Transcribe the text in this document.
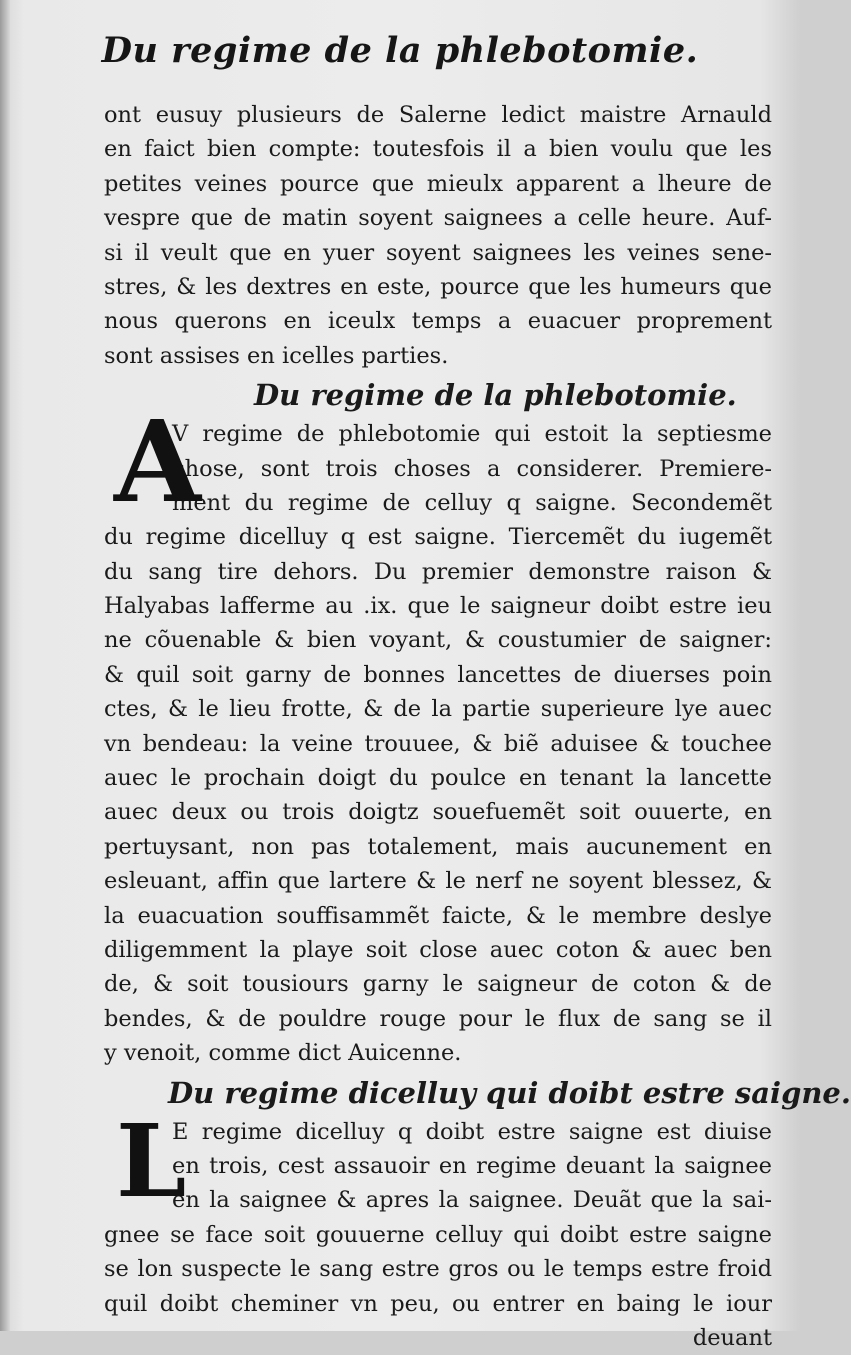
Du regime de la phlebotomie.
ont eusuy plusieurs de Salerne ledict maistre Arnauld
en faict bien compte: toutesfois il a bien voulu que les
petites veines pource que mieulx apparent a lheure de
vespre que de matin soyent saignees a celle heure. Auf-
si il veult que en yuer soyent saignees les veines sene-
stres, & les dextres en este, pource que les humeurs que
nous querons en iceulx temps a euacuer proprement
sont assises en icelles parties.
Du regime de la phlebotomie.
A
V regime de phlebotomie qui estoit la septiesme
chose, sont trois choses a considerer. Premiere-
ment du regime de celluy q saigne. Secondemẽt
du regime dicelluy q est saigne. Tiercemẽt du iugemẽt
du sang tire dehors. Du premier demonstre raison &
Halyabas lafferme au .ix. que le saigneur doibt estre ieu
ne cõuenable & bien voyant, & coustumier de saigner:
& quil soit garny de bonnes lancettes de diuerses poin
ctes, & le lieu frotte, & de la partie superieure lye auec
vn bendeau: la veine trouuee, & biẽ aduisee & touchee
auec le prochain doigt du poulce en tenant la lancette
auec deux ou trois doigtz souefuemẽt soit ouuerte, en
pertuysant, non pas totalement, mais aucunement en
esleuant, affin que lartere & le nerf ne soyent blessez, &
la euacuation souffisammẽt faicte, & le membre deslye
diligemment la playe soit close auec coton & auec ben
de, & soit tousiours garny le saigneur de coton & de
bendes, & de pouldre rouge pour le flux de sang se il
y venoit, comme dict Auicenne.
Du regime dicelluy qui doibt estre saigne.
L
E regime dicelluy q doibt estre saigne est diuise
en trois, cest assauoir en regime deuant la saignee
en la saignee & apres la saignee. Deuãt que la sai-
gnee se face soit gouuerne celluy qui doibt estre saigne
se lon suspecte le sang estre gros ou le temps estre froid
quil doibt cheminer vn peu, ou entrer en baing le iour
deuant
